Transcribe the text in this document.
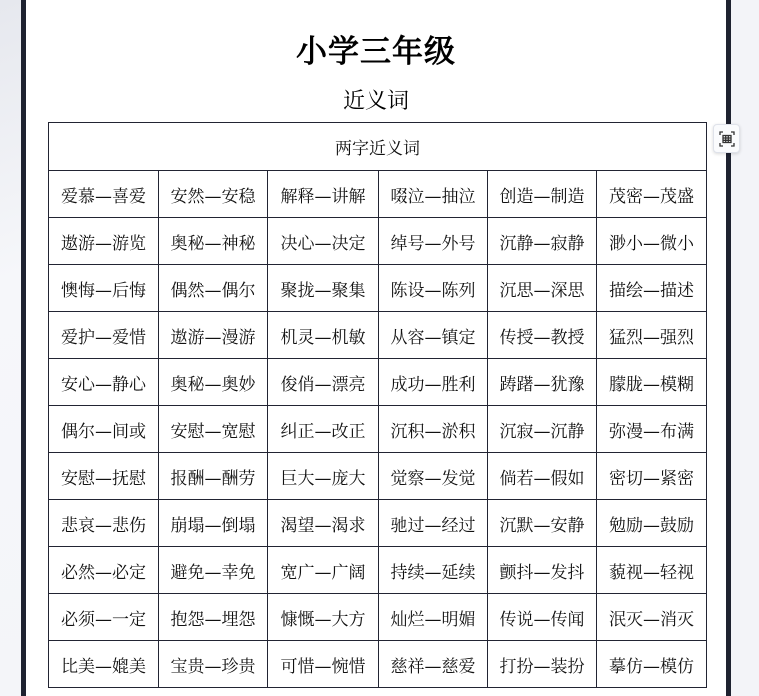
小学三年级
近义词
两字近义词					
爱慕—喜爱	安然—安稳	解释—讲解	啜泣—抽泣	创造—制造	茂密—茂盛
遨游—游览	奥秘—神秘	决心—决定	绰号—外号	沉静—寂静	渺小—微小
懊悔—后悔	偶然—偶尔	聚拢—聚集	陈设—陈列	沉思—深思	描绘—描述
爱护—爱惜	遨游—漫游	机灵—机敏	从容—镇定	传授—教授	猛烈—强烈
安心—静心	奥秘—奥妙	俊俏—漂亮	成功—胜利	踌躇—犹豫	朦胧—模糊
偶尔—间或	安慰—宽慰	纠正—改正	沉积—淤积	沉寂—沉静	弥漫—布满
安慰—抚慰	报酬—酬劳	巨大—庞大	觉察—发觉	倘若—假如	密切—紧密
悲哀—悲伤	崩塌—倒塌	渴望—渴求	驰过—经过	沉默—安静	勉励—鼓励
必然—必定	避免—幸免	宽广—广阔	持续—延续	颤抖—发抖	藐视—轻视
必须—一定	抱怨—埋怨	慷慨—大方	灿烂—明媚	传说—传闻	泯灭—消灭
比美—媲美	宝贵—珍贵	可惜—惋惜	慈祥—慈爱	打扮—装扮	摹仿—模仿
